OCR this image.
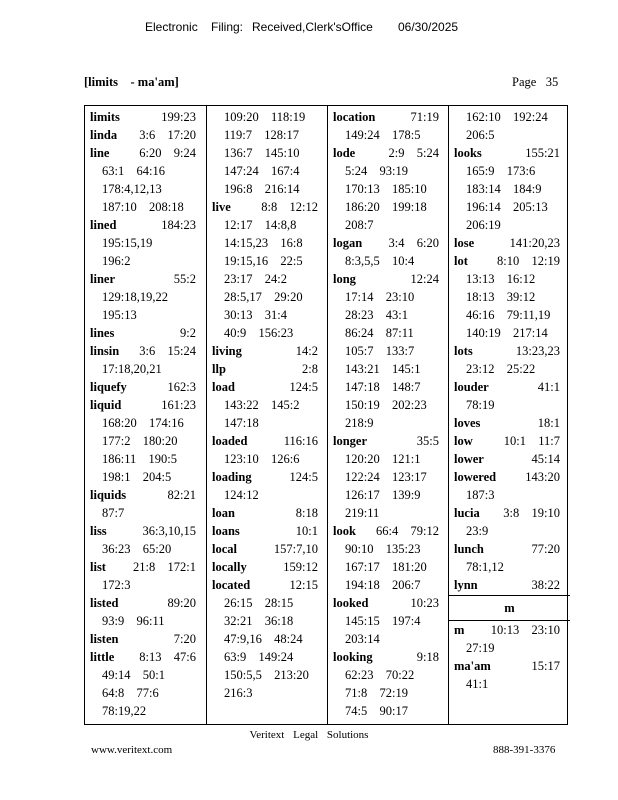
Electronic Filing: Received,Clerk'sOffice 06/30/2025
[limits    - ma'am]	Page 35
limits	199:23
linda 3:6  17:20
line 6:20  9:24
63:1  64:16
178:4,12,13
187:10  208:18
lined	184:23
195:15,19
196:2
liner	55:2
129:18,19,22
195:13
lines	9:2
linsin 3:6  15:24
17:18,20,21
liquefy	162:3
liquid	161:23
168:20  174:16
177:2  180:20
186:11  190:5
198:1  204:5
liquids	82:21
87:7
liss	36:3,10,15
36:23  65:20
list 21:8  172:1
172:3
listed	89:20
93:9  96:11
listen	7:20
little 8:13  47:6
49:14  50:1
64:8  77:6
78:19,22
109:20  118:19
119:7  128:17
136:7  145:10
147:24  167:4
196:8  216:14
live 8:8  12:12
12:17  14:8,8
14:15,23  16:8
19:15,16  22:5
23:17  24:2
28:5,17  29:20
30:13  31:4
40:9  156:23
living	14:2
llp	2:8
load	124:5
143:22  145:2
147:18
loaded	116:16
123:10  126:6
loading	124:5
124:12
loan	8:18
loans	10:1
local	157:7,10
locally	159:12
located	12:15
26:15  28:15
32:21  36:18
47:9,16  48:24
63:9  149:24
150:5,5  213:20
216:3
location	71:19
149:24  178:5
lode	2:9  5:24
5:24  93:19
170:13  185:10
186:20  199:18
208:7
logan 3:4  6:20
8:3,5,5  10:4
long	12:24
17:14  23:10
28:23  43:1
86:24  87:11
105:7  133:7
143:21  145:1
147:18  148:7
150:19  202:23
218:9
longer	35:5
120:20  121:1
122:24  123:17
126:17  139:9
219:11
look 66:4  79:12
90:10  135:23
167:17  181:20
194:18  206:7
looked	10:23
145:15  197:4
203:14
looking	9:18
62:23  70:22
71:8  72:19
74:5  90:17
m
162:10  192:24
206:5
looks	155:21
165:9  173:6
183:14  184:9
196:14  205:13
206:19
lose	141:20,23
lot 8:10  12:19
13:13  16:12
18:13  39:12
46:16  79:11,19
140:19  217:14
lots	13:23,23
23:12  25:22
louder	41:1
78:19
loves	18:1
low 10:1  11:7
lower	45:14
lowered 143:20
187:3
lucia 3:8  19:10
23:9
lunch	77:20
78:1,12
lynn	38:22
m 10:13  23:10
27:19
ma'am	15:17
41:1
Veritext Legal Solutions
www.veritext.com	888-391-3376
